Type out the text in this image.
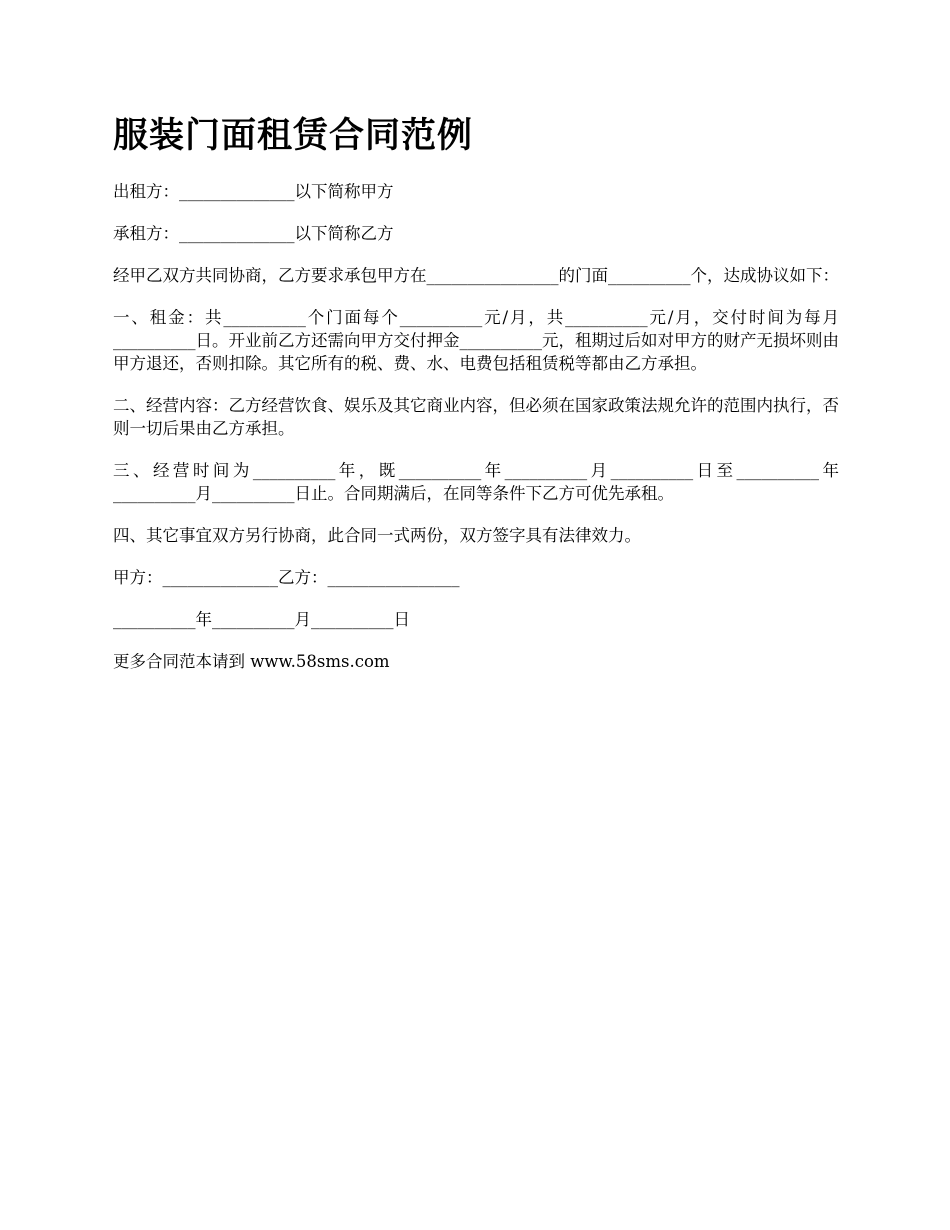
服装门面租赁合同范例

出租方：______________以下简称甲方

承租方：______________以下简称乙方

经甲乙双方共同协商，乙方要求承包甲方在________________的门面__________个，达成协议如下：

一、租金：共__________个门面每个__________元/月，共__________元/月，交付时间为每月__________日。开业前乙方还需向甲方交付押金__________元，租期过后如对甲方的财产无损坏则由甲方退还，否则扣除。其它所有的税、费、水、电费包括租赁税等都由乙方承担。

二、经营内容：乙方经营饮食、娱乐及其它商业内容，但必须在国家政策法规允许的范围内执行，否则一切后果由乙方承担。

三、经营时间为__________年，既__________年__________月__________日至__________年__________月__________日止。合同期满后，在同等条件下乙方可优先承租。

四、其它事宜双方另行协商，此合同一式两份，双方签字具有法律效力。

甲方：______________乙方：________________

__________年__________月__________日

更多合同范本请到 www.58sms.com
